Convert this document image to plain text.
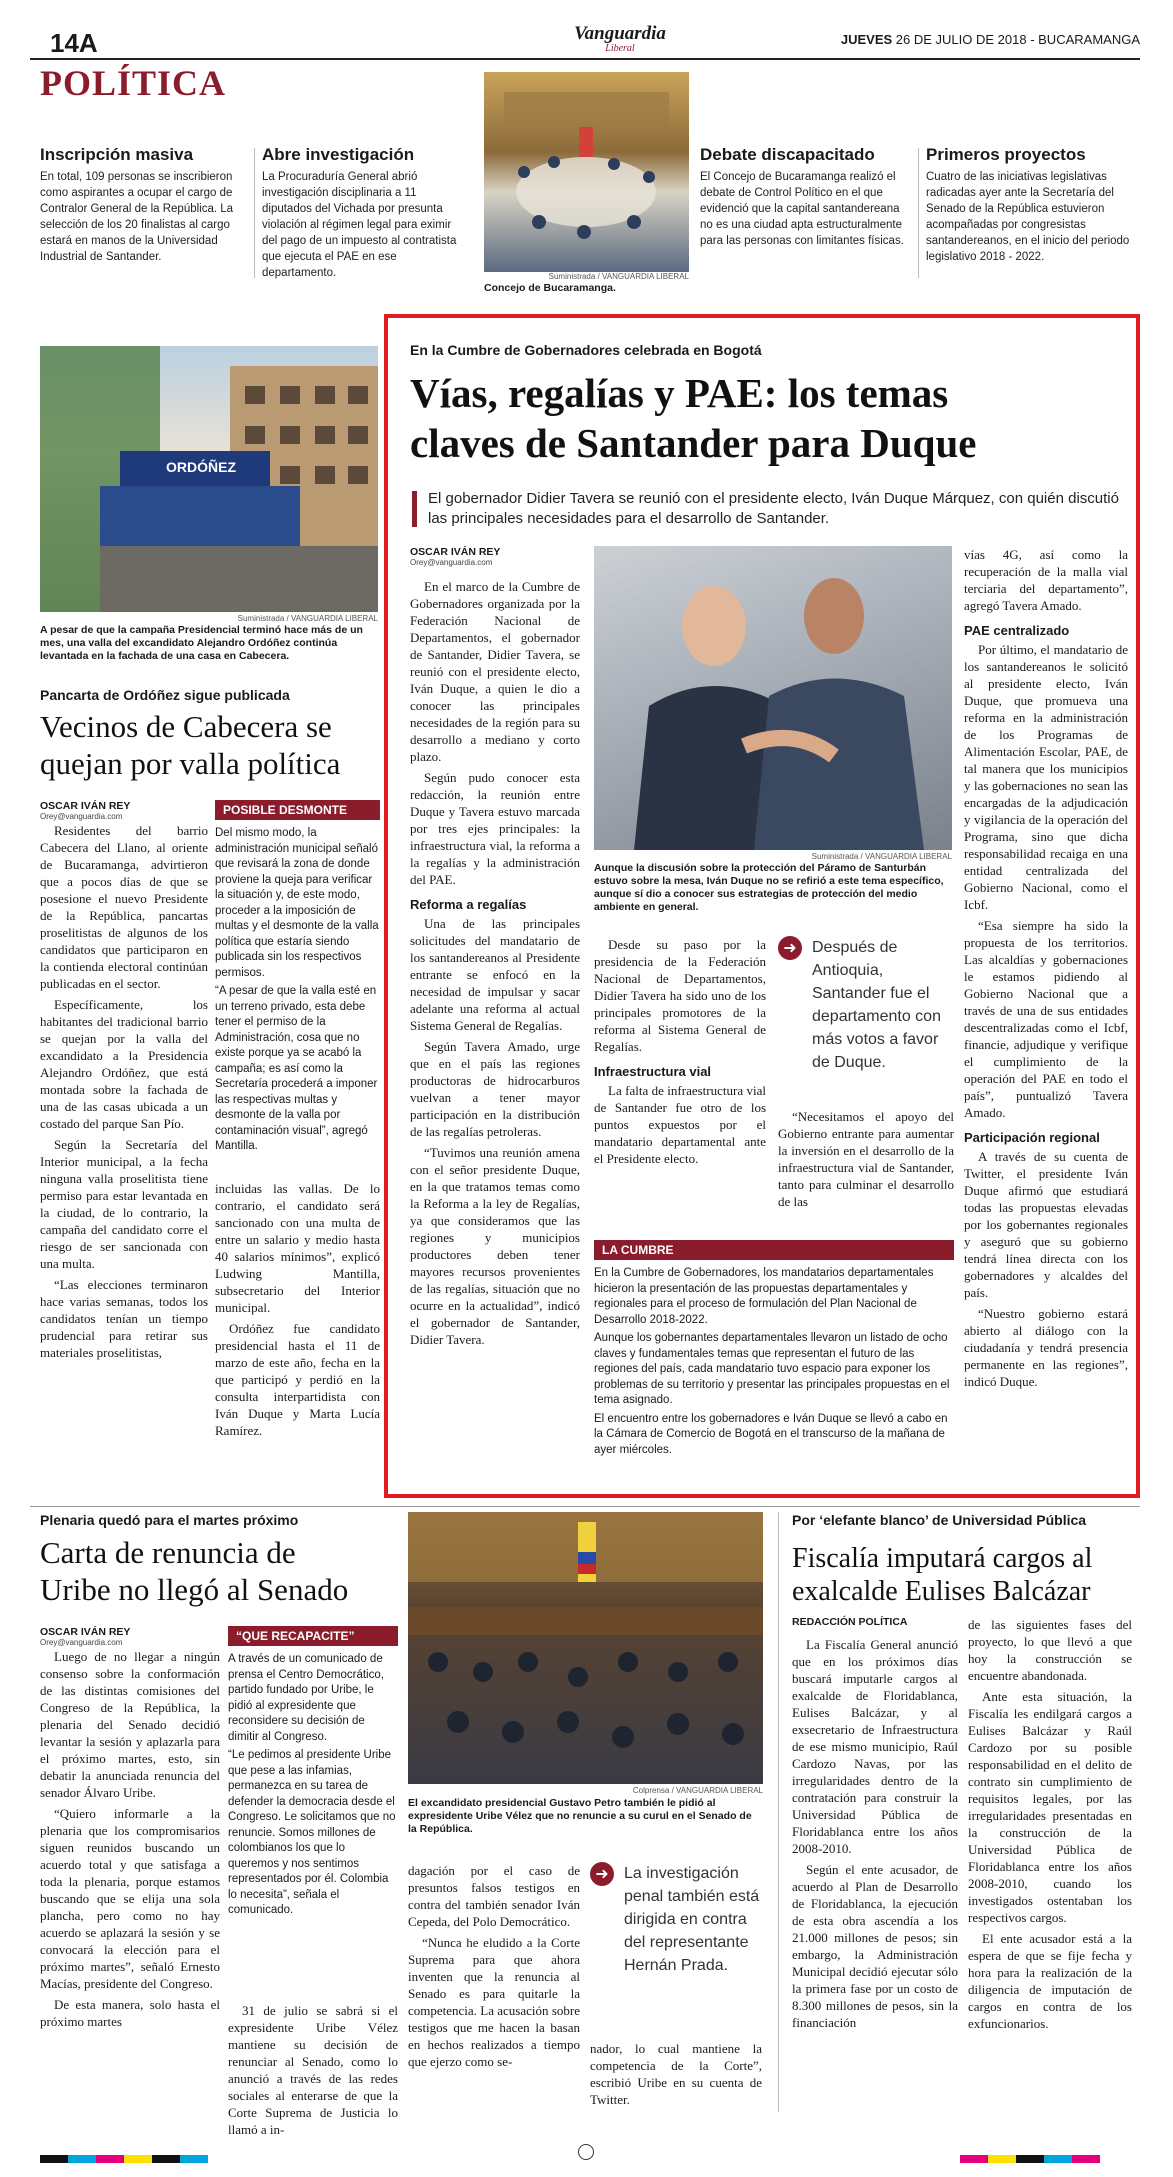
14A	Vanguardia
Liberal
JUEVES 26 DE JULIO DE 2018 - BUCARAMANGA
POLÍTICA
Inscripción masiva
En total, 109 personas se inscribieron como aspirantes a ocupar el cargo de Contralor General de la República. La selección de los 20 finalistas al cargo estará en manos de la Universidad Industrial de Santander.
Abre investigación
La Procuraduría General abrió investigación disciplinaria a 11 diputados del Vichada por presunta violación al régimen legal para eximir del pago de un impuesto al contratista que ejecuta el PAE en ese departamento.	Suministrada / VANGUARDIA LIBERAL
Concejo de Bucaramanga.
Debate discapacitado
El Concejo de Bucaramanga realizó el debate de Control Político en el que evidenció que la capital santandereana no es una ciudad apta estructuralmente para las personas con limitantes físicas.
Primeros proyectos
Cuatro de las iniciativas legislativas radicadas ayer ante la Secretaría del Senado de la República estuvieron acompañadas por congresistas santandereanos, en el inicio del periodo legislativo 2018 - 2022.
ORDÓÑEZ
Suministrada / VANGUARDIA LIBERAL
A pesar de que la campaña Presidencial terminó hace más de un mes, una valla del excandidato Alejandro Ordóñez continúa levantada en la fachada de una casa en Cabecera.
Pancarta de Ordóñez sigue publicada
Vecinos de Cabecera se
quejan por valla política
OSCAR IVÁN REY
Orey@vanguardia.com

Residentes del barrio Cabecera del Llano, al oriente de Bucaramanga, advirtieron que a pocos días de que se posesione el nuevo Presidente de la República, pancartas proselitistas de algunos de los candidatos que participaron en la contienda electoral continúan publicadas en el sector.

Específicamente, los habitantes del tradicional barrio se quejan por la valla del excandidato a la Presidencia Alejandro Ordóñez, que está montada sobre la fachada de una de las casas ubicada a un costado del parque San Pío.

Según la Secretaría del Interior municipal, a la fecha ninguna valla proselitista tiene permiso para estar levantada en la ciudad, de lo contrario, la campaña del candidato corre el riesgo de ser sancionada con una multa.

“Las elecciones terminaron hace varias semanas, todos los candidatos tenían un tiempo prudencial para retirar sus materiales proselitistas,

POSIBLE DESMONTE

Del mismo modo, la administración municipal señaló que revisará la zona de donde proviene la queja para verificar la situación y, de este modo, proceder a la imposición de multas y el desmonte de la valla política que estaría siendo publicada sin los respectivos permisos.

“A pesar de que la valla esté en un terreno privado, esta debe tener el permiso de la Administración, cosa que no existe porque ya se acabó la campaña; es así como la Secretaría procederá a imponer las respectivas multas y desmonte de la valla por contaminación visual”, agregó Mantilla.

incluidas las vallas. De lo contrario, el candidato será sancionado con una multa de entre un salario y medio hasta 40 salarios mínimos”, explicó Ludwing Mantilla, subsecretario del Interior municipal.

Ordóñez fue candidato presidencial hasta el 11 de marzo de este año, fecha en la que participó y perdió en la consulta interpartidista con Iván Duque y Marta Lucía Ramírez.

En la Cumbre de Gobernadores celebrada en Bogotá
Vías, regalías y PAE: los temas
claves de Santander para Duque
El gobernador Didier Tavera se reunió con el presidente electo, Iván Duque Márquez, con quién discutió las principales necesidades para el desarrollo de Santander.
OSCAR IVÁN REY
Orey@vanguardia.com

En el marco de la Cumbre de Gobernadores organizada por la Federación Nacional de Departamentos, el gobernador de Santander, Didier Tavera, se reunió con el presidente electo, Iván Duque, a quien le dio a conocer las principales necesidades de la región para su desarrollo a mediano y corto plazo.

Según pudo conocer esta redacción, la reunión entre Duque y Tavera estuvo marcada por tres ejes principales: la infraestructura vial, la reforma a la regalías y la administración del PAE.

Reforma a regalías

Una de las principales solicitudes del mandatario de los santandereanos al Presidente entrante se enfocó en la necesidad de impulsar y sacar adelante una reforma al actual Sistema General de Regalías.

Según Tavera Amado, urge que en el país las regiones productoras de hidrocarburos vuelvan a tener mayor participación en la distribución de las regalías petroleras.

“Tuvimos una reunión amena con el señor presidente Duque, en la que tratamos temas como la Reforma a la ley de Regalías, ya que consideramos que las regiones y municipios productores deben tener mayores recursos provenientes de las regalías, situación que no ocurre en la actualidad”, indicó el gobernador de Santander, Didier Tavera.

Suministrada / VANGUARDIA LIBERAL
Aunque la discusión sobre la protección del Páramo de Santurbán estuvo sobre la mesa, Iván Duque no se refirió a este tema específico, aunque sí dio a conocer sus estrategias de protección del medio ambiente en general.

Desde su paso por la presidencia de la Federación Nacional de Departamentos, Didier Tavera ha sido uno de los principales promotores de la reforma al Sistema General de Regalías.

Infraestructura vial

La falta de infraestructura vial de Santander fue otro de los puntos expuestos por el mandatario departamental ante el Presidente electo.

➜ Después de Antioquia, Santander fue el departamento con más votos a favor de Duque.

“Necesitamos el apoyo del Gobierno entrante para aumentar la inversión en el desarrollo de la infraestructura vial de Santander, tanto para culminar el desarrollo de las

LA CUMBRE

En la Cumbre de Gobernadores, los mandatarios departamentales hicieron la presentación de las propuestas departamentales y regionales para el proceso de formulación del Plan Nacional de Desarrollo 2018-2022.

Aunque los gobernantes departamentales llevaron un listado de ocho claves y fundamentales temas que representan el futuro de las regiones del país, cada mandatario tuvo espacio para exponer los problemas de su territorio y presentar las principales propuestas en el tema asignado.

El encuentro entre los gobernadores e Iván Duque se llevó a cabo en la Cámara de Comercio de Bogotá en el transcurso de la mañana de ayer miércoles.

vías 4G, así como la recuperación de la malla vial terciaria del departamento”, agregó Tavera Amado.

PAE centralizado

Por último, el mandatario de los santandereanos le solicitó al presidente electo, Iván Duque, que promueva una reforma en la administración de los Programas de Alimentación Escolar, PAE, de tal manera que los municipios y las gobernaciones no sean las encargadas de la adjudicación y vigilancia de la operación del Programa, sino que dicha responsabilidad recaiga en una entidad centralizada del Gobierno Nacional, como el Icbf.

“Esa siempre ha sido la propuesta de los territorios. Las alcaldías y gobernaciones le estamos pidiendo al Gobierno Nacional que a través de una de sus entidades descentralizadas como el Icbf, financie, adjudique y verifique el cumplimiento de la operación del PAE en todo el país”, puntualizó Tavera Amado.

Participación regional

A través de su cuenta de Twitter, el presidente Iván Duque afirmó que estudiará todas las propuestas elevadas por los gobernantes regionales y aseguró que su gobierno tendrá línea directa con los gobernadores y alcaldes del país.

“Nuestro gobierno estará abierto al diálogo con la ciudadanía y tendrá presencia permanente en las regiones”, indicó Duque.

Plenaria quedó para el martes próximo
Carta de renuncia de
Uribe no llegó al Senado
OSCAR IVÁN REY
Orey@vanguardia.com

Luego de no llegar a ningún consenso sobre la conformación de las distintas comisiones del Congreso de la República, la plenaria del Senado decidió levantar la sesión y aplazarla para el próximo martes, esto, sin debatir la anunciada renuncia del senador Álvaro Uribe.

“Quiero informarle a la plenaria que los compromisarios siguen reunidos buscando un acuerdo total y que satisfaga a toda la plenaria, porque estamos buscando que se elija una sola plancha, pero como no hay acuerdo se aplazará la sesión y se convocará la elección para el próximo martes”, señaló Ernesto Macías, presidente del Congreso.

De esta manera, solo hasta el próximo martes

“QUE RECAPACITE”

A través de un comunicado de prensa el Centro Democrático, partido fundado por Uribe, le pidió al expresidente que reconsidere su decisión de dimitir al Congreso.

“Le pedimos al presidente Uribe que pese a las infamias, permanezca en su tarea de defender la democracia desde el Congreso. Le solicitamos que no renuncie. Somos millones de colombianos los que lo queremos y nos sentimos representados por él. Colombia lo necesita”, señala el comunicado.

31 de julio se sabrá si el expresidente Uribe Vélez mantiene su decisión de renunciar al Senado, como lo anunció a través de las redes sociales al enterarse de que la Corte Suprema de Justicia lo llamó a in-

Colprensa / VANGUARDIA LIBERAL
El excandidato presidencial Gustavo Petro también le pidió al expresidente Uribe Vélez que no renuncie a su curul en el Senado de la República.

dagación por el caso de presuntos falsos testigos en contra del también senador Iván Cepeda, del Polo Democrático.

“Nunca he eludido a la Corte Suprema para que ahora inventen que la renuncia al Senado es para quitarle la competencia. La acusación sobre testigos que me hacen la basan en hechos realizados a tiempo que ejerzo como se-

➜ La investigación penal también está dirigida en contra del representante Hernán Prada.

nador, lo cual mantiene la competencia de la Corte”, escribió Uribe en su cuenta de Twitter.

Por ‘elefante blanco’ de Universidad Pública
Fiscalía imputará cargos al
exalcalde Eulises Balcázar
REDACCIÓN POLÍTICA

La Fiscalía General anunció que en los próximos días buscará imputarle cargos al exalcalde de Floridablanca, Eulises Balcázar, y al exsecretario de Infraestructura de ese mismo municipio, Raúl Cardozo Navas, por las irregularidades dentro de la contratación para construir la Universidad Pública de Floridablanca entre los años 2008-2010.

Según el ente acusador, de acuerdo al Plan de Desarrollo de Floridablanca, la ejecución de esta obra ascendía a los 21.000 millones de pesos; sin embargo, la Administración Municipal decidió ejecutar sólo la primera fase por un costo de 8.300 millones de pesos, sin la financiación

de las siguientes fases del proyecto, lo que llevó a que hoy la construcción se encuentre abandonada.

Ante esta situación, la Fiscalía les endilgará cargos a Eulises Balcázar y Raúl Cardozo por su posible responsabilidad en el delito de contrato sin cumplimiento de requisitos legales, por las irregularidades presentadas en la construcción de la Universidad Pública de Floridablanca entre los años 2008-2010, cuando los investigados ostentaban los respectivos cargos.

El ente acusador está a la espera de que se fije fecha y hora para la realización de la diligencia de imputación de cargos en contra de los exfuncionarios.
